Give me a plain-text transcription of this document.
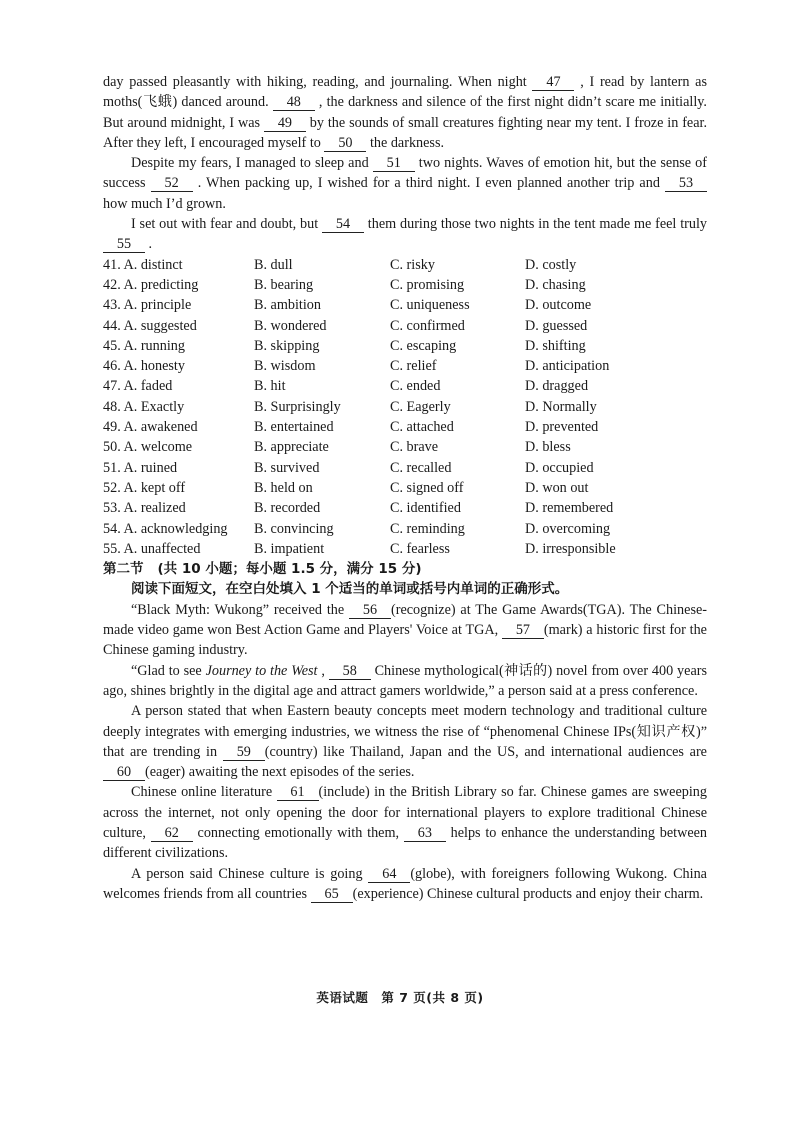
day passed pleasantly with hiking, reading, and journaling. When night 47 , I read by lantern as moths(飞蛾) danced around. 48 , the darkness and silence of the first night didn’t scare me initially. But around midnight, I was 49 by the sounds of small creatures fighting near my tent. I froze in fear. After they left, I encouraged myself to 50 the darkness.

Despite my fears, I managed to sleep and 51 two nights. Waves of emotion hit, but the sense of success 52 . When packing up, I wished for a third night. I even planned another trip and 53 how much I’d grown.

I set out with fear and doubt, but 54 them during those two nights in the tent made me feel truly 55 .

41. A. distinct	B. dull	C. risky	D. costly
42. A. predicting	B. bearing	C. promising	D. chasing
43. A. principle	B. ambition	C. uniqueness	D. outcome
44. A. suggested	B. wondered	C. confirmed	D. guessed
45. A. running	B. skipping	C. escaping	D. shifting
46. A. honesty	B. wisdom	C. relief	D. anticipation
47. A. faded	B. hit	C. ended	D. dragged
48. A. Exactly	B. Surprisingly	C. Eagerly	D. Normally
49. A. awakened	B. entertained	C. attached	D. prevented
50. A. welcome	B. appreciate	C. brave	D. bless
51. A. ruined	B. survived	C. recalled	D. occupied
52. A. kept off	B. held on	C. signed off	D. won out
53. A. realized	B. recorded	C. identified	D. remembered
54. A. acknowledging	B. convincing	C. reminding	D. overcoming
55. A. unaffected	B. impatient	C. fearless	D. irresponsible

第二节 (共 10 小题；每小题 1.5 分，满分 15 分)

阅读下面短文，在空白处填入 1 个适当的单词或括号内单词的正确形式。

“Black Myth: Wukong” received the 56 (recognize) at The Game Awards(TGA). The Chinese-made video game won Best Action Game and Players' Voice at TGA, 57 (mark) a historic first for the Chinese gaming industry.

“Glad to see Journey to the West , 58 Chinese mythological(神话的) novel from over 400 years ago, shines brightly in the digital age and attract gamers worldwide,” a person said at a press conference.

A person stated that when Eastern beauty concepts meet modern technology and traditional culture deeply integrates with emerging industries, we witness the rise of “phenomenal Chinese IPs(知识产权)” that are trending in 59 (country) like Thailand, Japan and the US, and international audiences are 60 (eager) awaiting the next episodes of the series.

Chinese online literature 61 (include) in the British Library so far. Chinese games are sweeping across the internet, not only opening the door for international players to explore traditional Chinese culture, 62 connecting emotionally with them, 63 helps to enhance the understanding between different civilizations.

A person said Chinese culture is going 64 (globe), with foreigners following Wukong. China welcomes friends from all countries 65 (experience) Chinese cultural products and enjoy their charm.

英语试题　第 7 页(共 8 页)
